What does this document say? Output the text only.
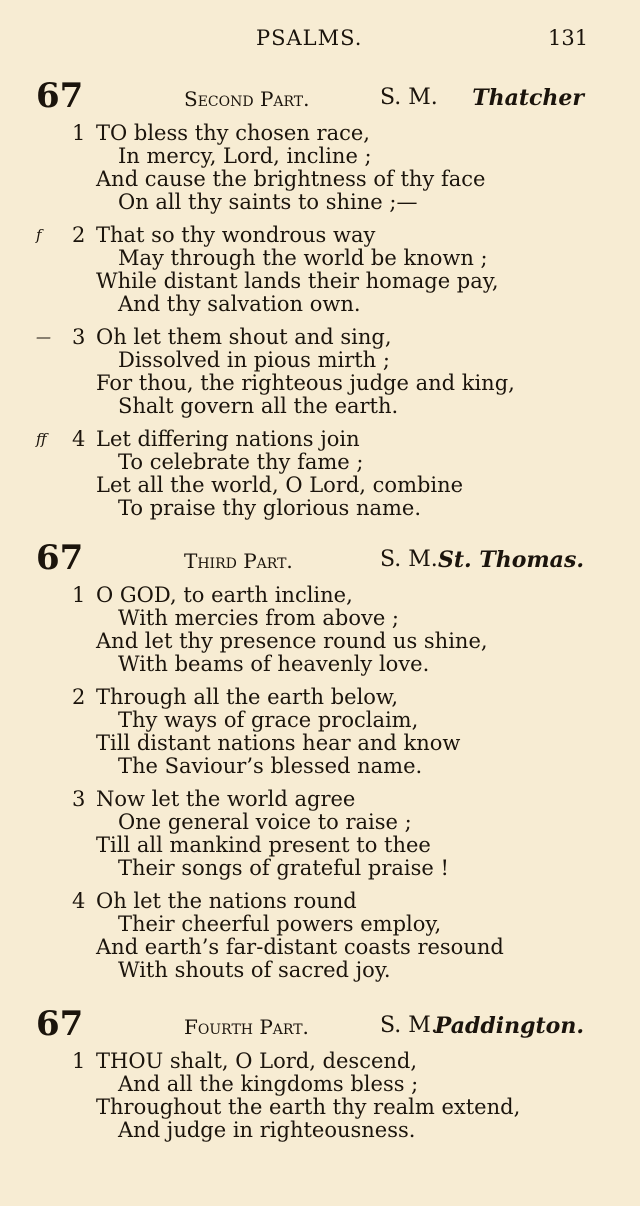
PSALMS.	131
67	Second Part.	S. M. Thatcher
1 TO bless thy chosen race,
In mercy, Lord, incline ;
And cause the brightness of thy face
On all thy saints to shine ;—
f 2 That so thy wondrous way
May through the world be known ;
While distant lands their homage pay,
And thy salvation own.
— 3 Oh let them shout and sing,
Dissolved in pious mirth ;
For thou, the righteous judge and king,
Shalt govern all the earth.
ff 4 Let differing nations join
To celebrate thy fame ;
Let all the world, O Lord, combine
To praise thy glorious name.
67	Third Part.	S. M. St. Thomas.
1 O GOD, to earth incline,
With mercies from above ;
And let thy presence round us shine,
With beams of heavenly love.
2 Through all the earth below,
Thy ways of grace proclaim,
Till distant nations hear and know
The Saviour’s blessed name.
3 Now let the world agree
One general voice to raise ;
Till all mankind present to thee
Their songs of grateful praise !
4 Oh let the nations round
Their cheerful powers employ,
And earth’s far-distant coasts resound
With shouts of sacred joy.
67	Fourth Part.	S. M.
Paddington.
1 THOU shalt, O Lord, descend,
And all the kingdoms bless ;
Throughout the earth thy realm extend,
And judge in righteousness.
